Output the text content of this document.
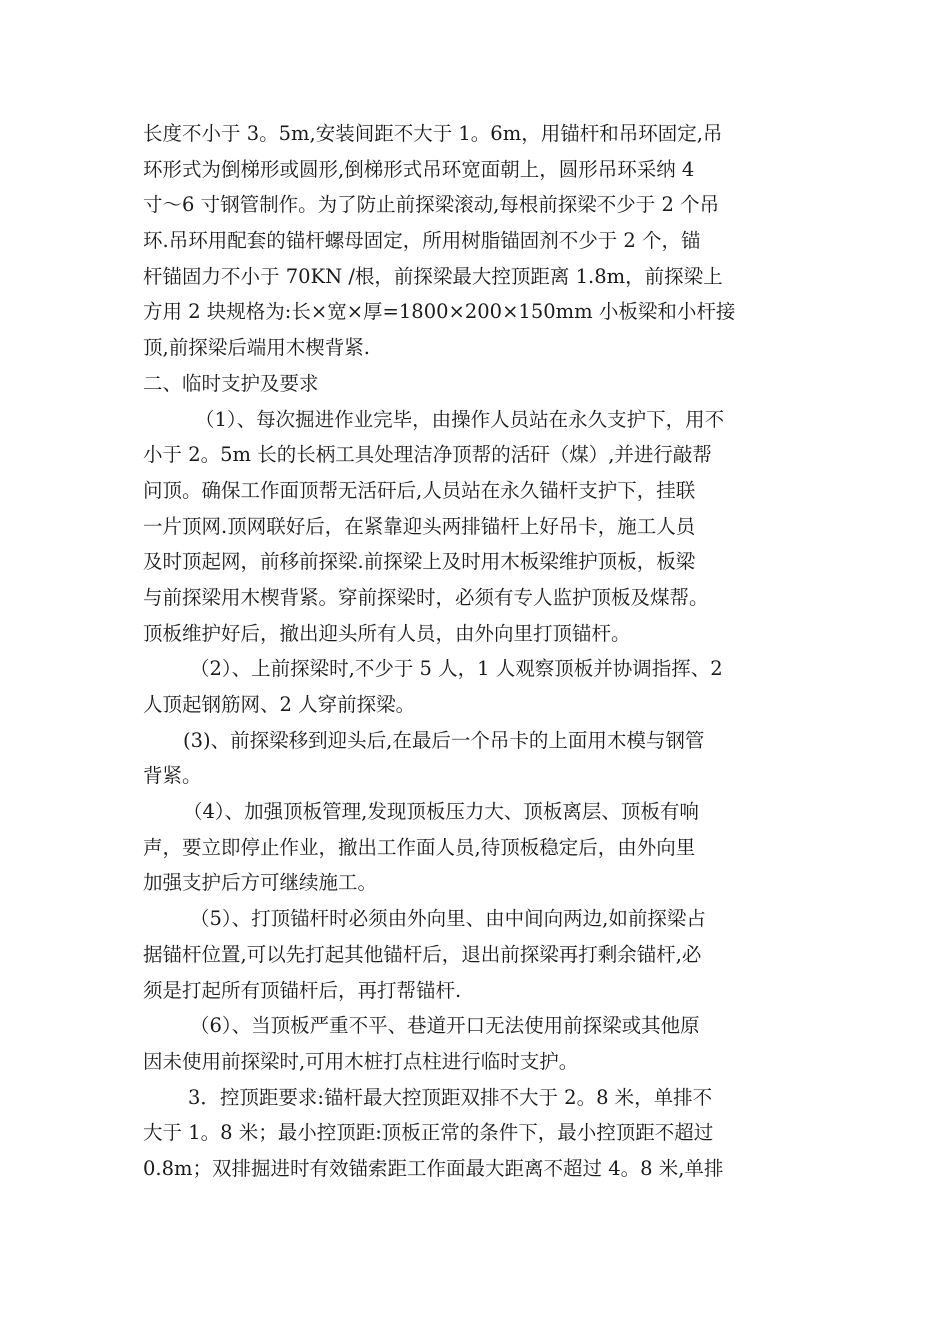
长度不小于 3。5m,安装间距不大于 1。6m，用锚杆和吊环固定,吊
环形式为倒梯形或圆形,倒梯形式吊环宽面朝上，圆形吊环采纳 4
寸～6 寸钢管制作。为了防止前探梁滚动,每根前探梁不少于 2 个吊
环.吊环用配套的锚杆螺母固定，所用树脂锚固剂不少于 2 个，锚
杆锚固力不小于 70KN /根，前探梁最大控顶距离 1.8m，前探梁上
方用 2 块规格为:长×宽×厚=1800×200×150mm 小板梁和小杆接
顶,前探梁后端用木楔背紧.
二、临时支护及要求
（1）、每次掘进作业完毕，由操作人员站在永久支护下，用不
小于 2。5m 长的长柄工具处理洁净顶帮的活矸（煤）,并进行敲帮
问顶。确保工作面顶帮无活矸后,人员站在永久锚杆支护下，挂联
一片顶网.顶网联好后，在紧靠迎头两排锚杆上好吊卡，施工人员
及时顶起网，前移前探梁.前探梁上及时用木板梁维护顶板，板梁
与前探梁用木楔背紧。穿前探梁时，必须有专人监护顶板及煤帮。
顶板维护好后，撤出迎头所有人员，由外向里打顶锚杆。
（2）、上前探梁时,不少于 5 人，1 人观察顶板并协调指挥、2
人顶起钢筋网、2 人穿前探梁。
(3)、前探梁移到迎头后,在最后一个吊卡的上面用木模与钢管
背紧。
（4）、加强顶板管理,发现顶板压力大、顶板离层、顶板有响
声，要立即停止作业，撤出工作面人员,待顶板稳定后，由外向里
加强支护后方可继续施工。
（5）、打顶锚杆时必须由外向里、由中间向两边,如前探梁占
据锚杆位置,可以先打起其他锚杆后，退出前探梁再打剩余锚杆,必
须是打起所有顶锚杆后，再打帮锚杆.
（6）、当顶板严重不平、巷道开口无法使用前探梁或其他原
因未使用前探梁时,可用木桩打点柱进行临时支护。
3．控顶距要求:锚杆最大控顶距双排不大于 2。8 米，单排不
大于 1。8 米；最小控顶距:顶板正常的条件下，最小控顶距不超过
0.8m；双排掘进时有效锚索距工作面最大距离不超过 4。8 米,单排
